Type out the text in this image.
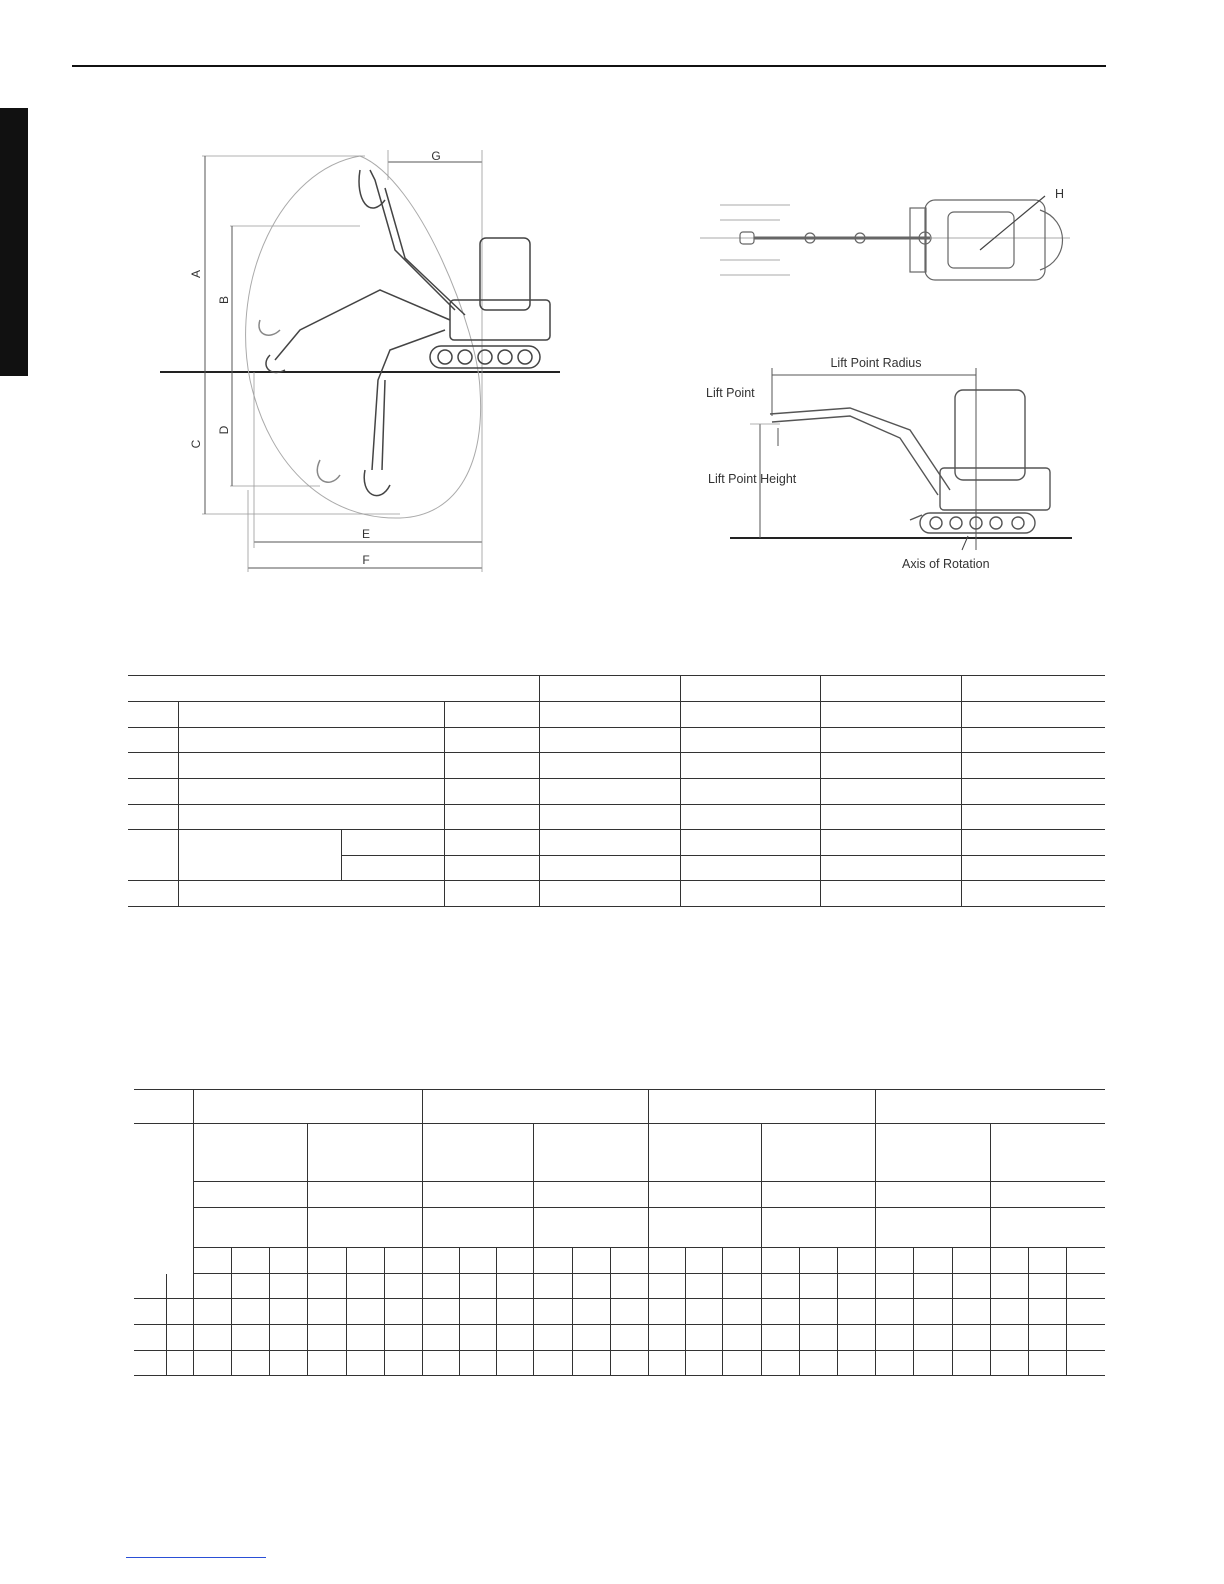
A
B
C
D
E
F
G
H
Lift Point Radius
Lift Point
Lift Point Height
Axis of Rotation
